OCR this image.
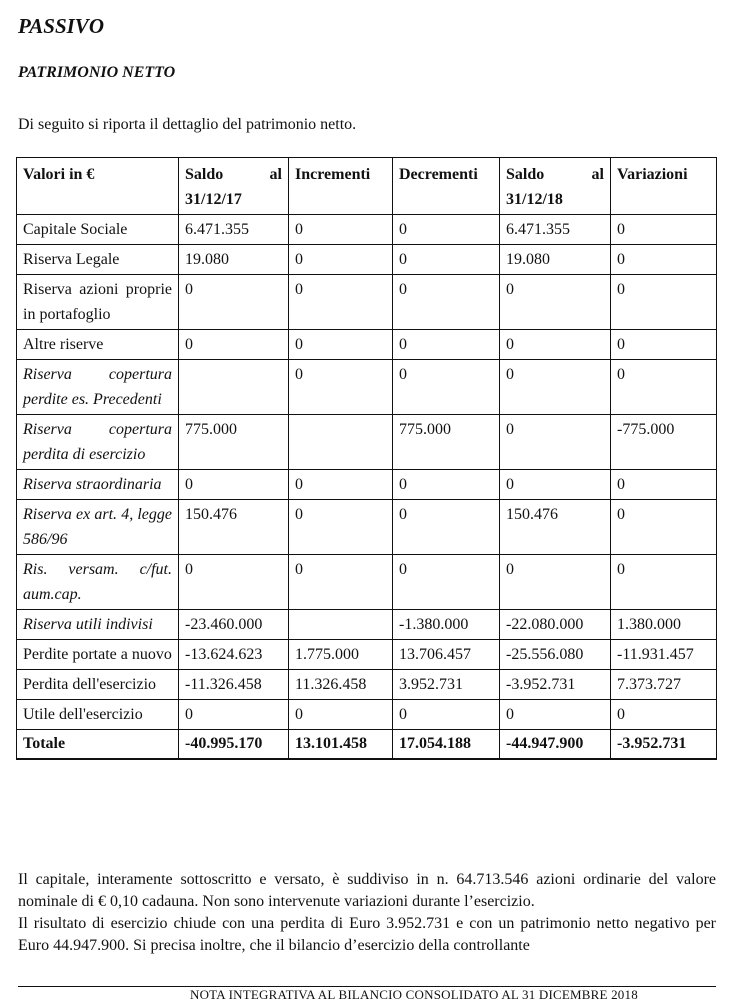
PASSIVO
PATRIMONIO NETTO

Di seguito si riporta il dettaglio del patrimonio netto.

Valori in €	Saldo al 31/12/17	Incrementi	Decrementi	Saldo al 31/12/18	Variazioni
Capitale Sociale	6.471.355	0	0	6.471.355	0
Riserva Legale	19.080	0	0	19.080	0
Riserva azioni proprie in portafoglio	0	0	0	0	0
Altre riserve	0	0	0	0	0
Riserva copertura perdite es. Precedenti		0	0	0	0
Riserva copertura perdita di esercizio	775.000		775.000	0	-775.000
Riserva straordinaria	0	0	0	0	0
Riserva ex art. 4, legge 586/96	150.476	0	0	150.476	0
Ris. versam. c/fut. aum.cap.	0	0	0	0	0
Riserva utili indivisi	-23.460.000		-1.380.000	-22.080.000	1.380.000
Perdite portate a nuovo	-13.624.623	1.775.000	13.706.457	-25.556.080	-11.931.457
Perdita dell'esercizio	-11.326.458	11.326.458	3.952.731	-3.952.731	7.373.727
Utile dell'esercizio	0	0	0	0	0
Totale	-40.995.170	13.101.458	17.054.188	-44.947.900	-3.952.731

Il capitale, interamente sottoscritto e versato, è suddiviso in n. 64.713.546 azioni ordinarie del valore nominale di € 0,10 cadauna. Non sono intervenute variazioni durante l’esercizio.

Il risultato di esercizio chiude con una perdita di Euro 3.952.731 e con un patrimonio netto negativo per Euro 44.947.900. Si precisa inoltre, che il bilancio d’esercizio della controllante

NOTA INTEGRATIVA AL BILANCIO CONSOLIDATO AL 31 DICEMBRE 2018
